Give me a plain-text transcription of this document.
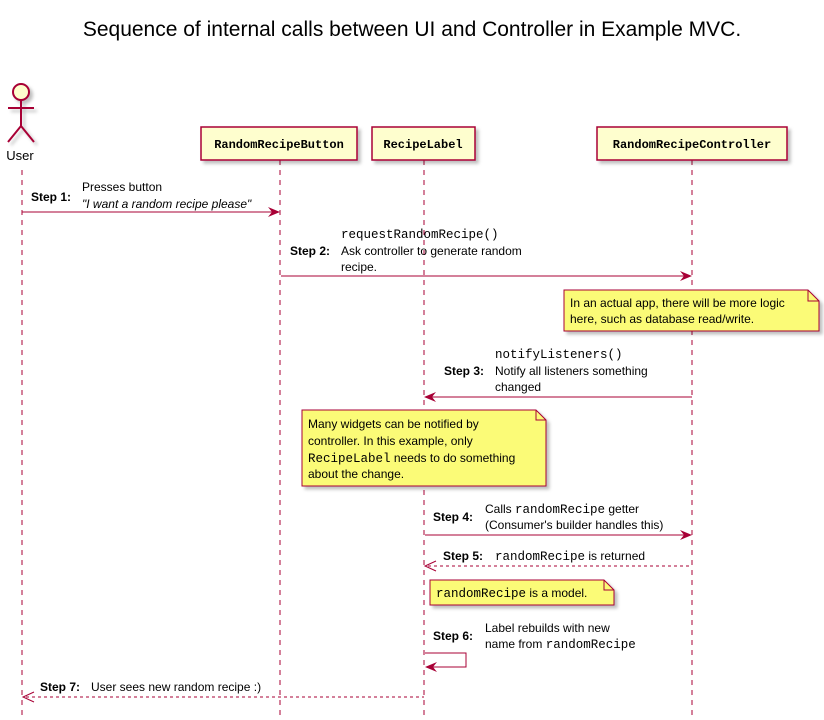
Sequence of internal calls between UI and Controller in Example MVC.
User
RandomRecipeButton	RecipeLabel	RandomRecipeController
Step 1:
Presses button
"I want a random recipe please"
Step 2:
requestRandomRecipe()
Ask controller to generate random
recipe.
In an actual app, there will be more logic
here, such as database read/write.
Step 3:
notifyListeners()
Notify all listeners something
changed
Many widgets can be notified by
controller. In this example, only
RecipeLabel needs to do something
about the change.
Step 4:
Calls randomRecipe getter
(Consumer's builder handles this)
Step 5: randomRecipe is returned
randomRecipe is a model.
Step 6:
Label rebuilds with new
name from randomRecipe
Step 7: User sees new random recipe :)
